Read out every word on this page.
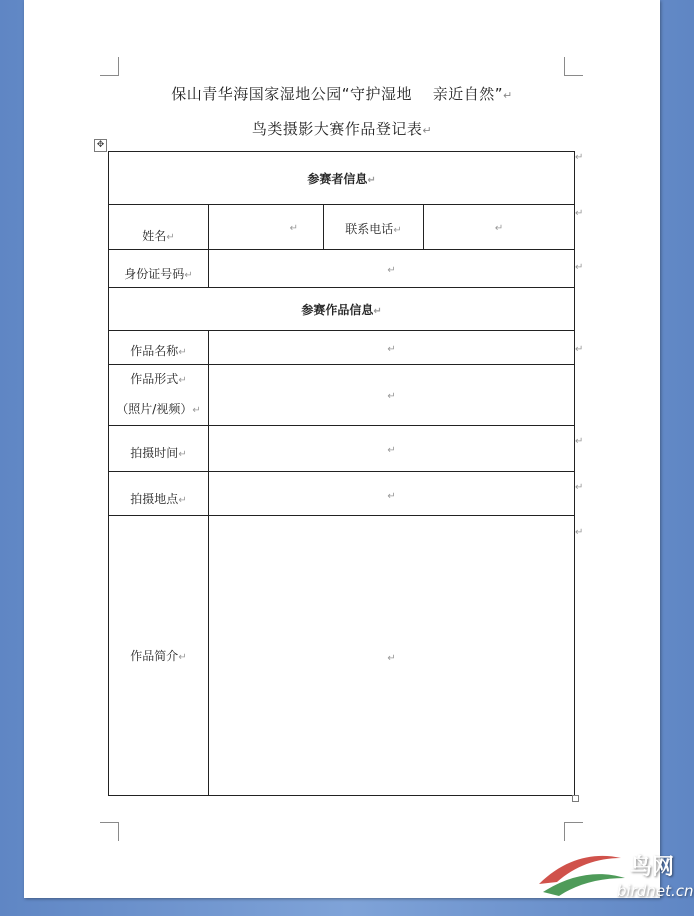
保山青华海国家湿地公园“守护湿地　 亲近自然”↵
鸟类摄影大赛作品登记表↵
✥
参赛者信息↵			
姓名↵	↵	联系电话↵	↵
身份证号码↵	↵		
参赛作品信息↵			
作品名称↵	↵		

作品形式↵
（照片/视频）↵	↵		
拍摄时间↵	↵		
拍摄地点↵	↵		
作品简介↵	↵		
↵
↵
↵
↵
↵
↵
↵
鸟网
birdnet.cn
